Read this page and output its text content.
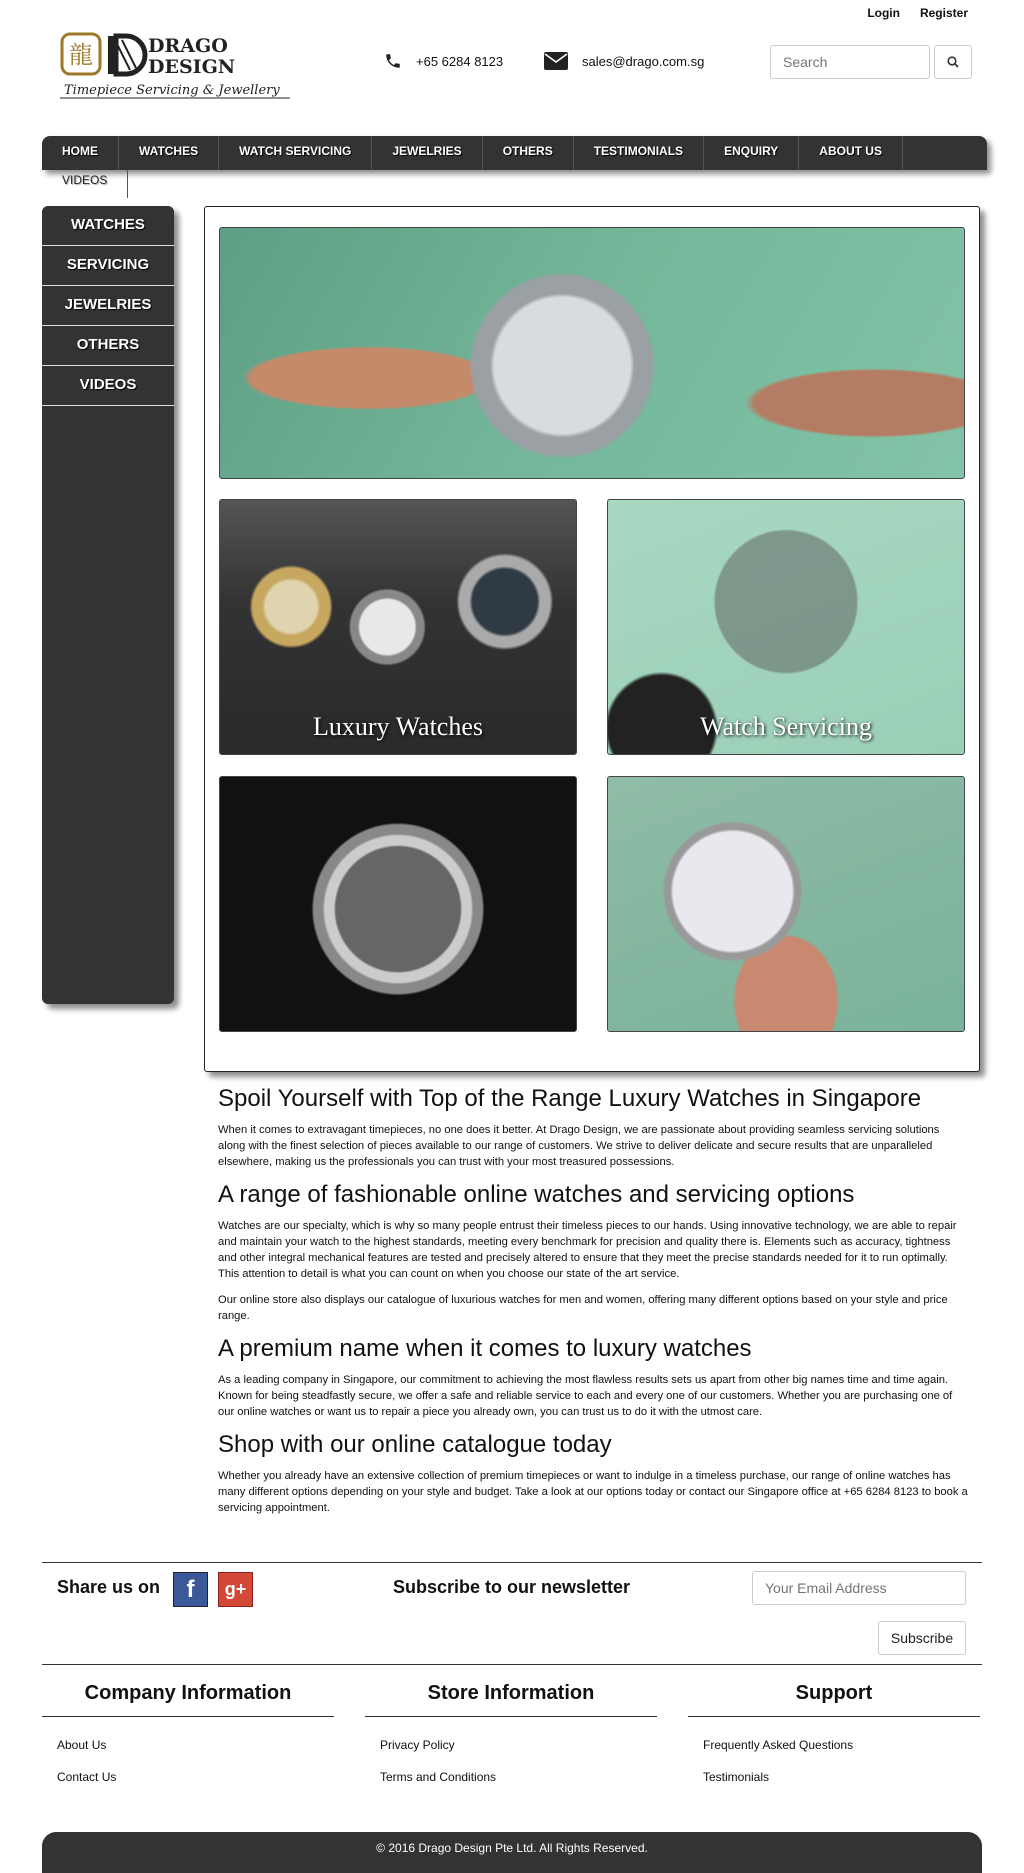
Login Register
龍	DRAGO
DESIGN
Timepiece Servicing & Jewellery
+65 6284 8123	sales@drago.com.sg
Search
HOME	WATCHES	WATCH SERVICING	JEWELRIES	OTHERS	TESTIMONIALS	ENQUIRY	ABOUT US
VIDEOS
WATCHES
SERVICING
JEWELRIES
OTHERS
VIDEOS
Luxury Watches	Watch Servicing
Spoil Yourself with Top of the Range Luxury Watches in Singapore

When it comes to extravagant timepieces, no one does it better. At Drago Design, we are passionate about providing seamless servicing solutions along with the finest selection of pieces available to our range of customers. We strive to deliver delicate and secure results that are unparalleled elsewhere, making us the professionals you can trust with your most treasured possessions.

A range of fashionable online watches and servicing options

Watches are our specialty, which is why so many people entrust their timeless pieces to our hands. Using innovative technology, we are able to repair and maintain your watch to the highest standards, meeting every benchmark for precision and quality there is. Elements such as accuracy, tightness and other integral mechanical features are tested and precisely altered to ensure that they meet the precise standards needed for it to run optimally. This attention to detail is what you can count on when you choose our state of the art service.

Our online store also displays our catalogue of luxurious watches for men and women, offering many different options based on your style and price range.

A premium name when it comes to luxury watches

As a leading company in Singapore, our commitment to achieving the most flawless results sets us apart from other big names time and time again. Known for being steadfastly secure, we offer a safe and reliable service to each and every one of our customers. Whether you are purchasing one of our online watches or want us to repair a piece you already own, you can trust us to do it with the utmost care.

Shop with our online catalogue today

Whether you already have an extensive collection of premium timepieces or want to indulge in a timeless purchase, our range of online watches has many different options depending on your style and budget. Take a look at our options today or contact our Singapore office at +65 6284 8123 to book a servicing appointment.

Share us on	f	g+	Subscribe to our newsletter
Your Email Address
Subscribe
Company Information
About Us
Contact Us
Store Information
Privacy Policy
Terms and Conditions
Support
Frequently Asked Questions
Testimonials
© 2016 Drago Design Pte Ltd. All Rights Reserved.
